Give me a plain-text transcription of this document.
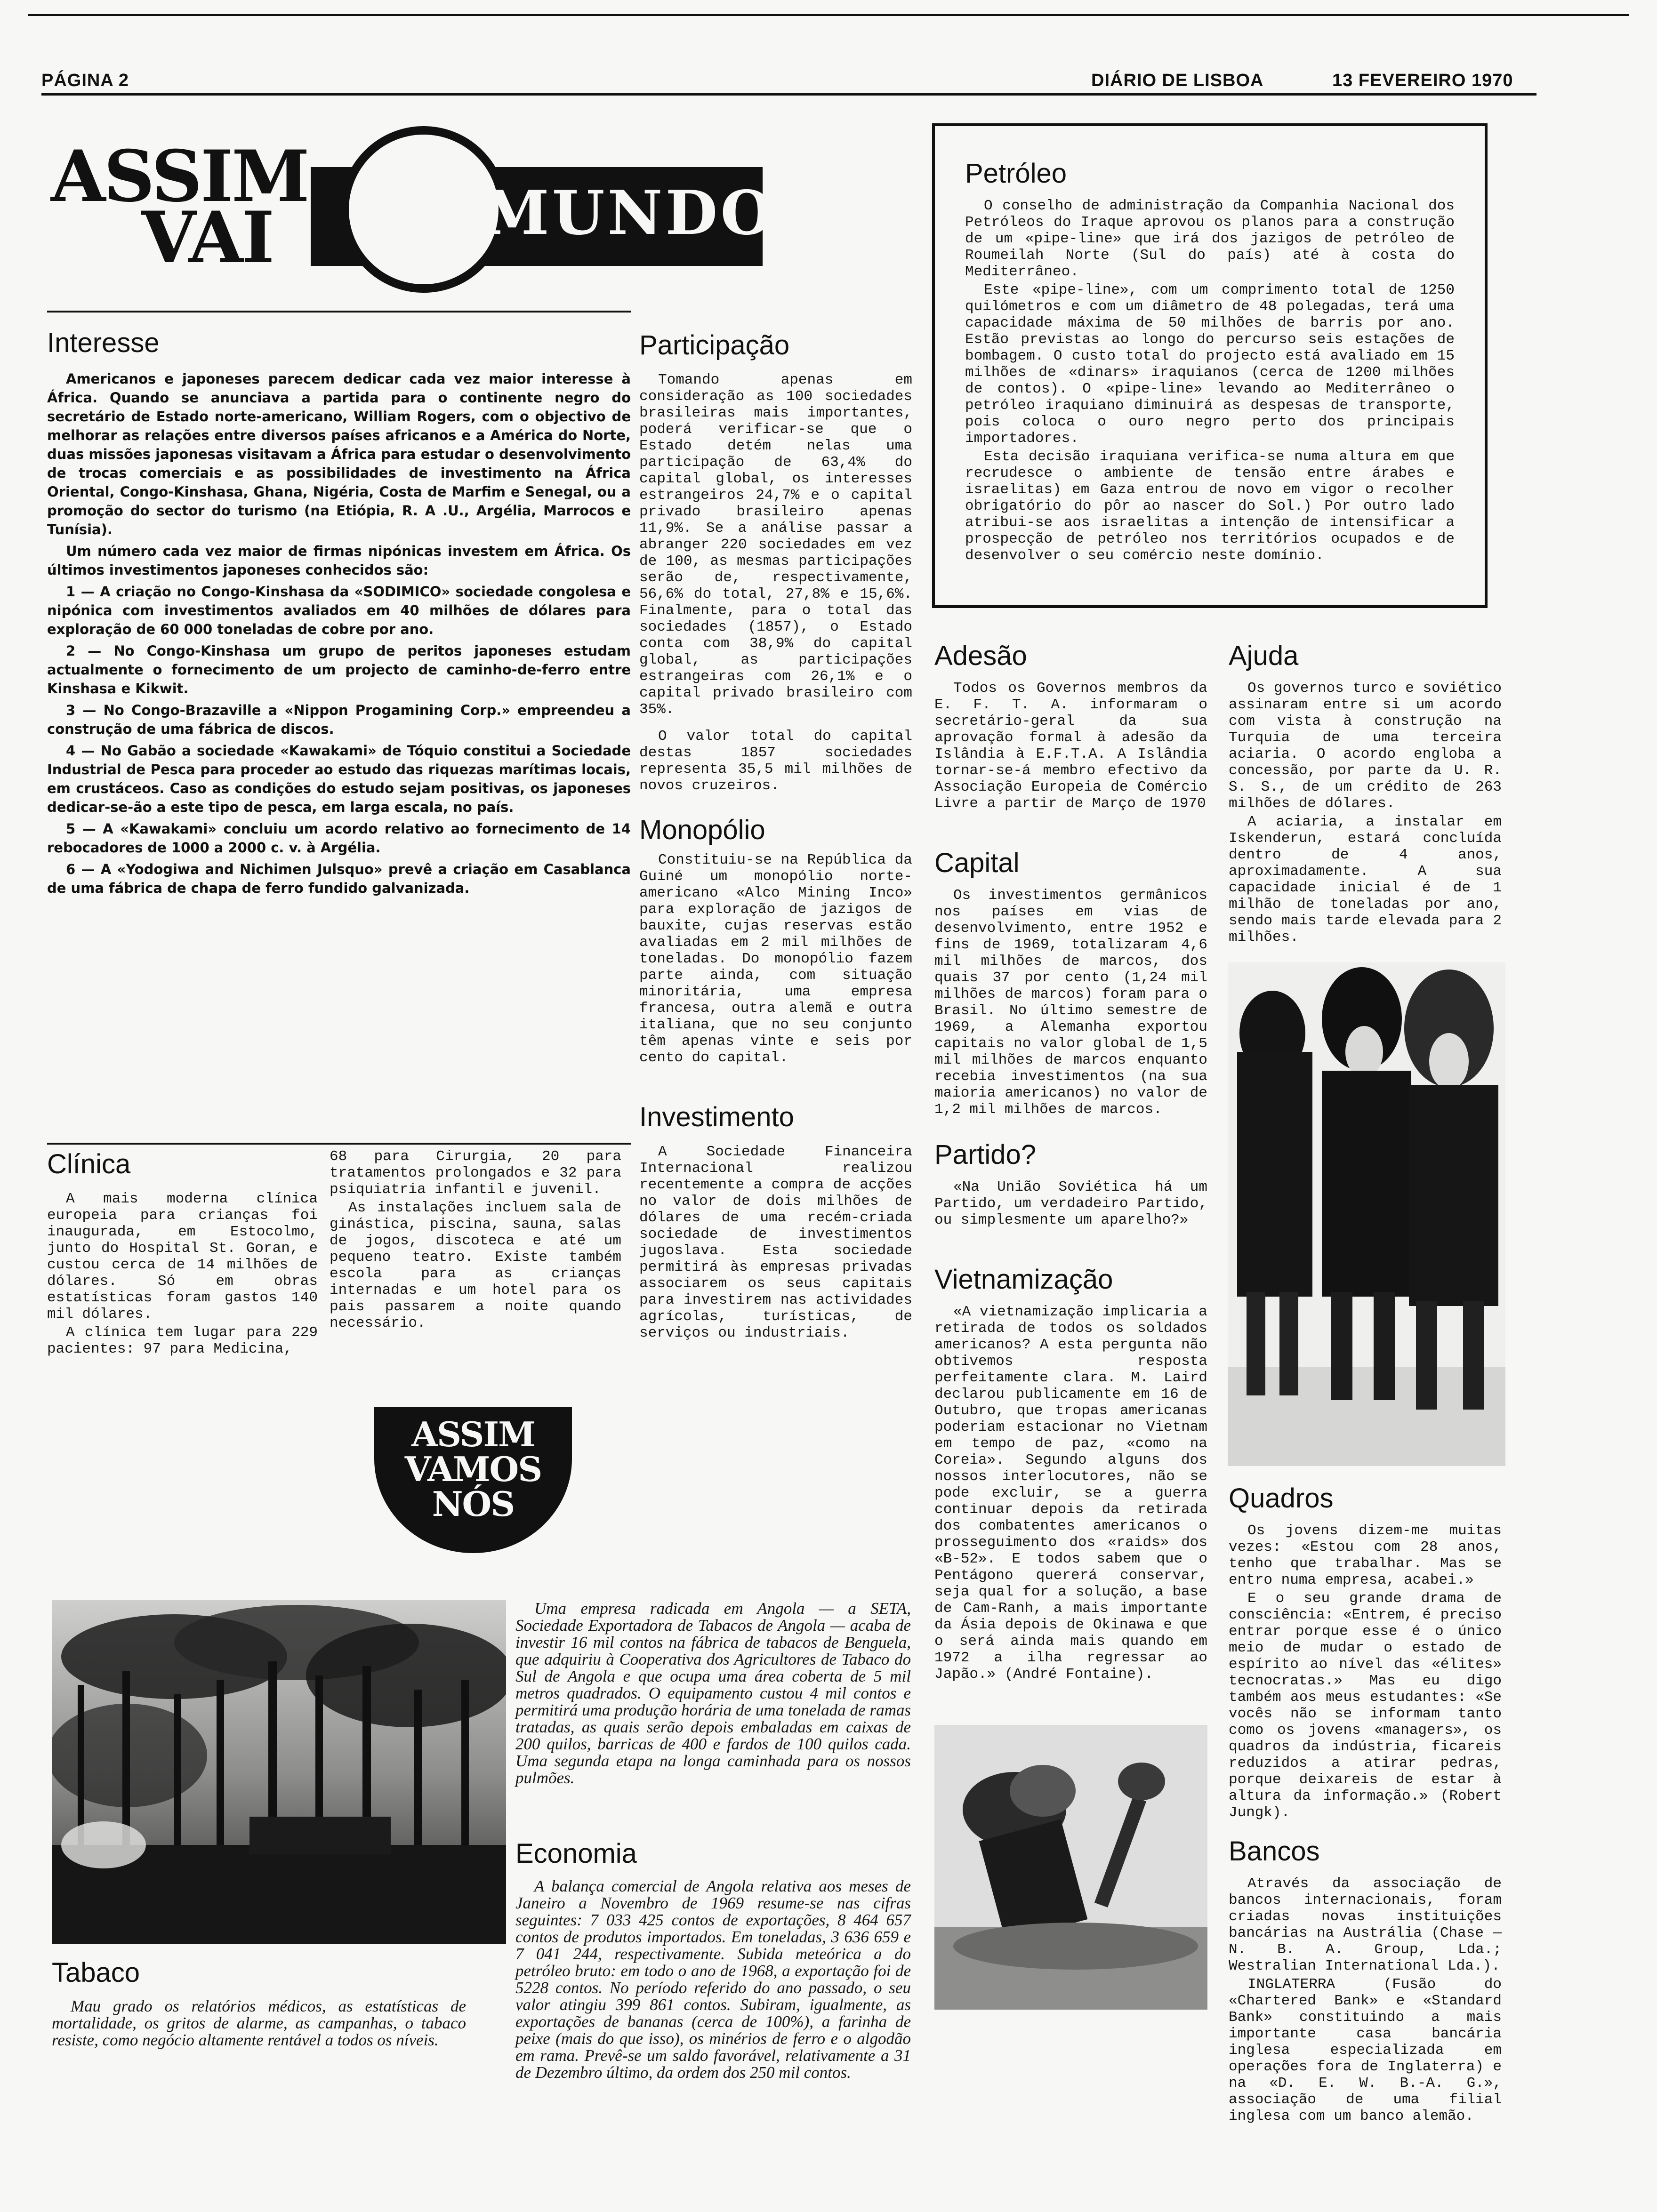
PÁGINA 2	DIÁRIO DE LISBOA	13 FEVEREIRO 1970
ASSIM
VAI	MUNDO
Interesse

Americanos e japoneses parecem dedicar cada vez maior interesse à África. Quando se anunciava a partida para o continente negro do secretário de Estado norte-americano, William Rogers, com o objectivo de melhorar as relações entre diversos países africanos e a América do Norte, duas missões japonesas visitavam a África para estudar o desenvolvimento de trocas comerciais e as possibilidades de investimento na África Oriental, Congo-Kinshasa, Ghana, Nigéria, Costa de Marfim e Senegal, ou a promoção do sector do turismo (na Etiópia, R. A .U., Argélia, Marrocos e Tunísia).

Um número cada vez maior de firmas nipónicas investem em África. Os últimos investimentos japoneses conhecidos são:

1 — A criação no Congo-Kinshasa da «SODIMICO» sociedade congolesa e nipónica com investimentos avaliados em 40 milhões de dólares para exploração de 60 000 toneladas de cobre por ano.

2 — No Congo-Kinshasa um grupo de peritos japoneses estudam actualmente o fornecimento de um projecto de caminho-de-ferro entre Kinshasa e Kikwit.

3 — No Congo-Brazaville a «Nippon Progamining Corp.» empreendeu a construção de uma fábrica de discos.

4 — No Gabão a sociedade «Kawakami» de Tóquio constitui a Sociedade Industrial de Pesca para proceder ao estudo das riquezas marítimas locais, em crustáceos. Caso as condições do estudo sejam positivas, os japoneses dedicar-se-ão a este tipo de pesca, em larga escala, no país.

5 — A «Kawakami» concluiu um acordo relativo ao fornecimento de 14 rebocadores de 1000 a 2000 c. v. à Argélia.

6 — A «Yodogiwa and Nichimen Julsquo» prevê a criação em Casablanca de uma fábrica de chapa de ferro fundido galvanizada.

Clínica

A mais moderna clínica europeia para crianças foi inaugurada, em Estocolmo, junto do Hospital St. Goran, e custou cerca de 14 milhões de dólares. Só em obras estatísticas foram gastos 140 mil dólares.

A clínica tem lugar para 229 pacientes: 97 para Medicina,

68 para Cirurgia, 20 para tratamentos prolongados e 32 para psiquiatria infantil e juvenil.

As instalações incluem sala de ginástica, piscina, sauna, salas de jogos, discoteca e até um pequeno teatro. Existe também escola para as crianças internadas e um hotel para os pais passarem a noite quando necessário.

Participação

Tomando apenas em consideração as 100 sociedades brasileiras mais importantes, poderá verificar-se que o Estado detém nelas uma participação de 63,4% do capital global, os interesses estrangeiros 24,7% e o capital privado brasileiro apenas 11,9%. Se a análise passar a abranger 220 sociedades em vez de 100, as mesmas participações serão de, respectivamente, 56,6% do total, 27,8% e 15,6%. Finalmente, para o total das sociedades (1857), o Estado conta com 38,9% do capital global, as participações estrangeiras com 26,1% e o capital privado brasileiro com 35%.

O valor total do capital destas 1857 sociedades representa 35,5 mil milhões de novos cruzeiros.

Monopólio

Constituiu-se na República da Guiné um monopólio norte-americano «Alco Mining Inco» para exploração de jazigos de bauxite, cujas reservas estão avaliadas em 2 mil milhões de toneladas. Do monopólio fazem parte ainda, com situação minoritária, uma empresa francesa, outra alemã e outra italiana, que no seu conjunto têm apenas vinte e seis por cento do capital.

Investimento

A Sociedade Financeira Internacional realizou recentemente a compra de acções no valor de dois milhões de dólares de uma recém-criada sociedade de investimentos jugoslava. Esta sociedade permitirá às empresas privadas associarem os seus capitais para investirem nas actividades agrícolas, turísticas, de serviços ou industriais.

Petróleo

O conselho de administração da Companhia Nacional dos Petróleos do Iraque aprovou os planos para a construção de um «pipe-line» que irá dos jazigos de petróleo de Roumeilah Norte (Sul do país) até à costa do Mediterrâneo.

Este «pipe-line», com um comprimento total de 1250 quilómetros e com um diâmetro de 48 polegadas, terá uma capacidade máxima de 50 milhões de barris por ano. Estão previstas ao longo do percurso seis estações de bombagem. O custo total do projecto está avaliado em 15 milhões de «dinars» iraquianos (cerca de 1200 milhões de contos). O «pipe-line» levando ao Mediterrâneo o petróleo iraquiano diminuirá as despesas de transporte, pois coloca o ouro negro perto dos principais importadores.

Esta decisão iraquiana verifica-se numa altura em que recrudesce o ambiente de tensão entre árabes e israelitas) em Gaza entrou de novo em vigor o recolher obrigatório do pôr ao nascer do Sol.) Por outro lado atribui-se aos israelitas a intenção de intensificar a prospecção de petróleo nos territórios ocupados e de desenvolver o seu comércio neste domínio.

Adesão

Todos os Governos membros da E. F. T. A. informaram o secretário-geral da sua aprovação formal à adesão da Islândia à E.F.T.A. A Islândia tornar-se-á membro efectivo da Associação Europeia de Comércio Livre a partir de Março de 1970

Capital

Os investimentos germânicos nos países em vias de desenvolvimento, entre 1952 e fins de 1969, totalizaram 4,6 mil milhões de marcos, dos quais 37 por cento (1,24 mil milhões de marcos) foram para o Brasil. No último semestre de 1969, a Alemanha exportou capitais no valor global de 1,5 mil milhões de marcos enquanto recebia investimentos (na sua maioria americanos) no valor de 1,2 mil milhões de marcos.

Partido?

«Na União Soviética há um Partido, um verdadeiro Partido, ou simplesmente um aparelho?»

Vietnamização

«A vietnamização implicaria a retirada de todos os soldados americanos? A esta pergunta não obtivemos resposta perfeitamente clara. M. Laird declarou publicamente em 16 de Outubro, que tropas americanas poderiam estacionar no Vietnam em tempo de paz, «como na Coreia». Segundo alguns dos nossos interlocutores, não se pode excluir, se a guerra continuar depois da retirada dos combatentes americanos o prosseguimento dos «raids» dos «B-52». E todos sabem que o Pentágono quererá conservar, seja qual for a solução, a base de Cam-Ranh, a mais importante da Ásia depois de Okinawa e que o será ainda mais quando em 1972 a ilha regressar ao Japão.» (André Fontaine).

Ajuda

Os governos turco e soviético assinaram entre si um acordo com vista à construção na Turquia de uma terceira aciaria. O acordo engloba a concessão, por parte da U. R. S. S., de um crédito de 263 milhões de dólares.

A aciaria, a instalar em Iskenderun, estará concluída dentro de 4 anos, aproximadamente. A sua capacidade inicial é de 1 milhão de toneladas por ano, sendo mais tarde elevada para 2 milhões.

Quadros

Os jovens dizem-me muitas vezes: «Estou com 28 anos, tenho que trabalhar. Mas se entro numa empresa, acabei.»

E o seu grande drama de consciência: «Entrem, é preciso entrar porque esse é o único meio de mudar o estado de espírito ao nível das «élites» tecnocratas.» Mas eu digo também aos meus estudantes: «Se vocês não se informam tanto como os jovens «managers», os quadros da indústria, ficareis reduzidos a atirar pedras, porque deixareis de estar à altura da informação.» (Robert Jungk).

Bancos

Através da associação de bancos internacionais, foram criadas novas instituições bancárias na Austrália (Chase — N. B. A. Group, Lda.; Westralian International Lda.).

INGLATERRA (Fusão do «Chartered Bank» e «Standard Bank» constituindo a mais importante casa bancária inglesa especializada em operações fora de Inglaterra) e na «D. E. W. B.-A. G.», associação de uma filial inglesa com um banco alemão.

ASSIM
VAMOS
NÓS
Tabaco

Mau grado os relatórios médicos, as estatísticas de mortalidade, os gritos de alarme, as campanhas, o tabaco resiste, como negócio altamente rentável a todos os níveis.

Uma empresa radicada em Angola — a SETA, Sociedade Exportadora de Tabacos de Angola — acaba de investir 16 mil contos na fábrica de tabacos de Benguela, que adquiriu à Cooperativa dos Agricultores de Tabaco do Sul de Angola e que ocupa uma área coberta de 5 mil metros quadrados. O equipamento custou 4 mil contos e permitirá uma produção horária de uma tonelada de ramas tratadas, as quais serão depois embaladas em caixas de 200 quilos, barricas de 400 e fardos de 100 quilos cada. Uma segunda etapa na longa caminhada para os nossos pulmões.

Economia

A balança comercial de Angola relativa aos meses de Janeiro a Novembro de 1969 resume-se nas cifras seguintes: 7 033 425 contos de exportações, 8 464 657 contos de produtos importados. Em toneladas, 3 636 659 e 7 041 244, respectivamente. Subida meteórica a do petróleo bruto: em todo o ano de 1968, a exportação foi de 5228 contos. No período referido do ano passado, o seu valor atingiu 399 861 contos. Subiram, igualmente, as exportações de bananas (cerca de 100%), a farinha de peixe (mais do que isso), os minérios de ferro e o algodão em rama. Prevê-se um saldo favorável, relativamente a 31 de Dezembro último, da ordem dos 250 mil contos.
